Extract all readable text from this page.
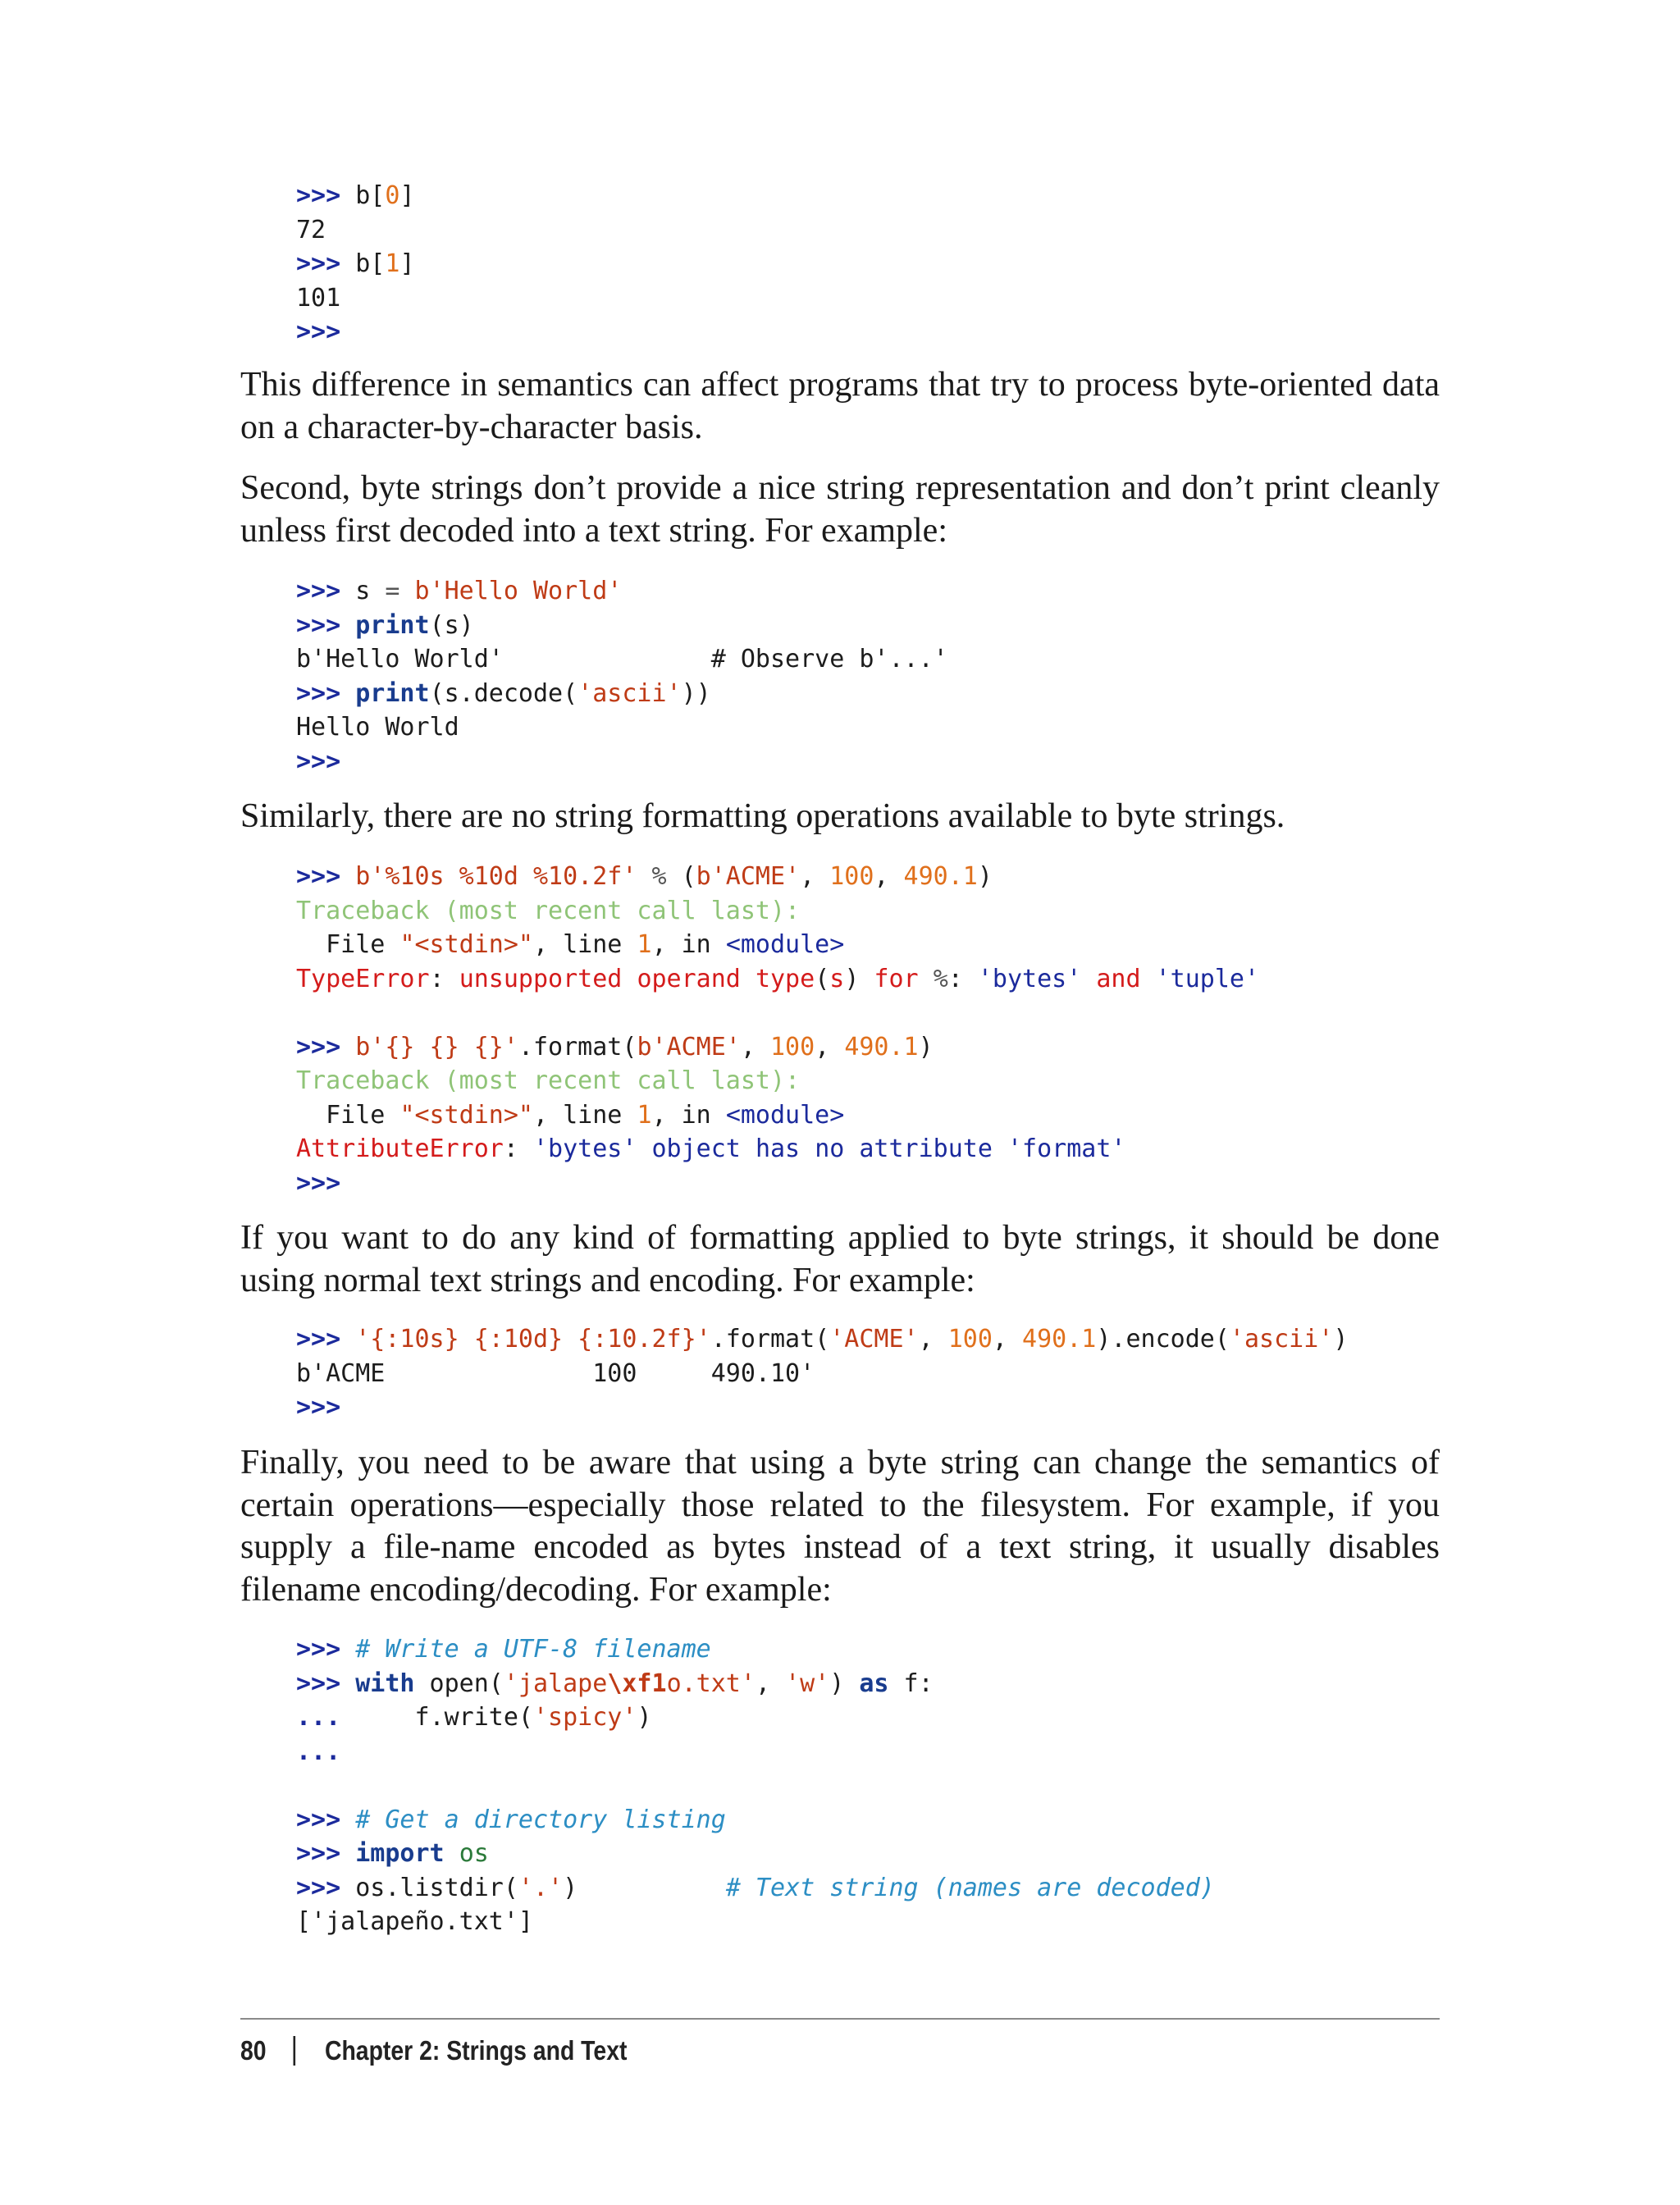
>>> b[0]
72
>>> b[1]
101
>>>

This difference in semantics can affect programs that try to process byte-oriented data on a character-by-character basis.

Second, byte strings don’t provide a nice string representation and don’t print cleanly unless first decoded into a text string. For example:

>>> s = b'Hello World'
>>> print(s)
b'Hello World'              # Observe b'...'
>>> print(s.decode('ascii'))
Hello World
>>>

Similarly, there are no string formatting operations available to byte strings.

>>> b'%10s %10d %10.2f' % (b'ACME', 100, 490.1)
Traceback (most recent call last):
File "<stdin>", line 1, in <module>
TypeError: unsupported operand type(s) for %: 'bytes' and 'tuple'
>>> b'{} {} {}'.format(b'ACME', 100, 490.1)
Traceback (most recent call last):
File "<stdin>", line 1, in <module>
AttributeError: 'bytes' object has no attribute 'format'
>>>

If you want to do any kind of formatting applied to byte strings, it should be done using normal text strings and encoding. For example:

>>> '{:10s} {:10d} {:10.2f}'.format('ACME', 100, 490.1).encode('ascii')
b'ACME              100     490.10'
>>>

Finally, you need to be aware that using a byte string can change the semantics of certain operations—especially those related to the filesystem. For example, if you supply a file‐name encoded as bytes instead of a text string, it usually disables filename encoding/decoding. For example:

>>> # Write a UTF-8 filename
>>> with open('jalape\xf1o.txt', 'w') as f:
...     f.write('spicy')
...
>>> # Get a directory listing
>>> import os
>>> os.listdir('.')          # Text string (names are decoded)
['jalapeño.txt']
80 Chapter 2: Strings and Text
